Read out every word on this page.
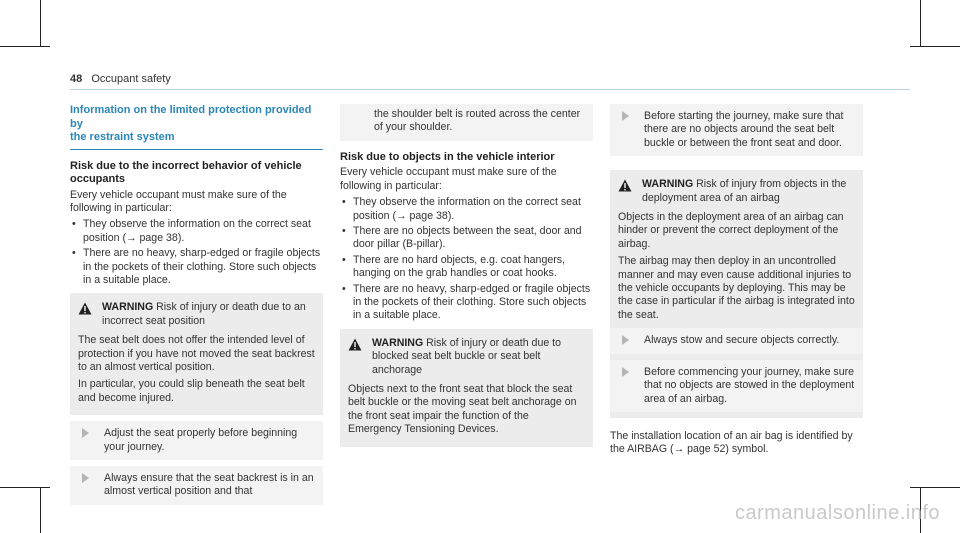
48 Occupant safety
Information on the limited protection provided by
the restraint system
Risk due to the incorrect behavior of vehicle occupants

Every vehicle occupant must make sure of the following in particular:

• They observe the information on the correct seat position (→ page 38).
• There are no heavy, sharp-edged or fragile objects in the pockets of their clothing. Store such objects in a suitable place.
WARNING Risk of injury or death due to an incorrect seat position

The seat belt does not offer the intended level of protection if you have not moved the seat backrest to an almost vertical position.

In particular, you could slip beneath the seat belt and become injured.

Adjust the seat properly before beginning your journey.
Always ensure that the seat backrest is in an almost vertical position and that
the shoulder belt is routed across the center of your shoulder.
Risk due to objects in the vehicle interior

Every vehicle occupant must make sure of the following in particular:

• They observe the information on the correct seat position (→ page 38).
• There are no objects between the seat, door and door pillar (B-pillar).
• There are no hard objects, e.g. coat hangers, hanging on the grab handles or coat hooks.
• There are no heavy, sharp-edged or fragile objects in the pockets of their clothing. Store such objects in a suitable place.
WARNING Risk of injury or death due to blocked seat belt buckle or seat belt anchorage

Objects next to the front seat that block the seat belt buckle or the moving seat belt anchorage on the front seat impair the function of the Emergency Tensioning Devices.

Before starting the journey, make sure that there are no objects around the seat belt buckle or between the front seat and door.
WARNING Risk of injury from objects in the deployment area of an airbag

Objects in the deployment area of an airbag can hinder or prevent the correct deployment of the airbag.

The airbag may then deploy in an uncontrolled manner and may even cause additional injuries to the vehicle occupants by deploying. This may be the case in particular if the airbag is integrated into the seat.

Always stow and secure objects correctly.
Before commencing your journey, make sure that no objects are stowed in the deployment area of an airbag.

The installation location of an air bag is identified by the AIRBAG (→ page 52) symbol.

carmanualsonline.info
